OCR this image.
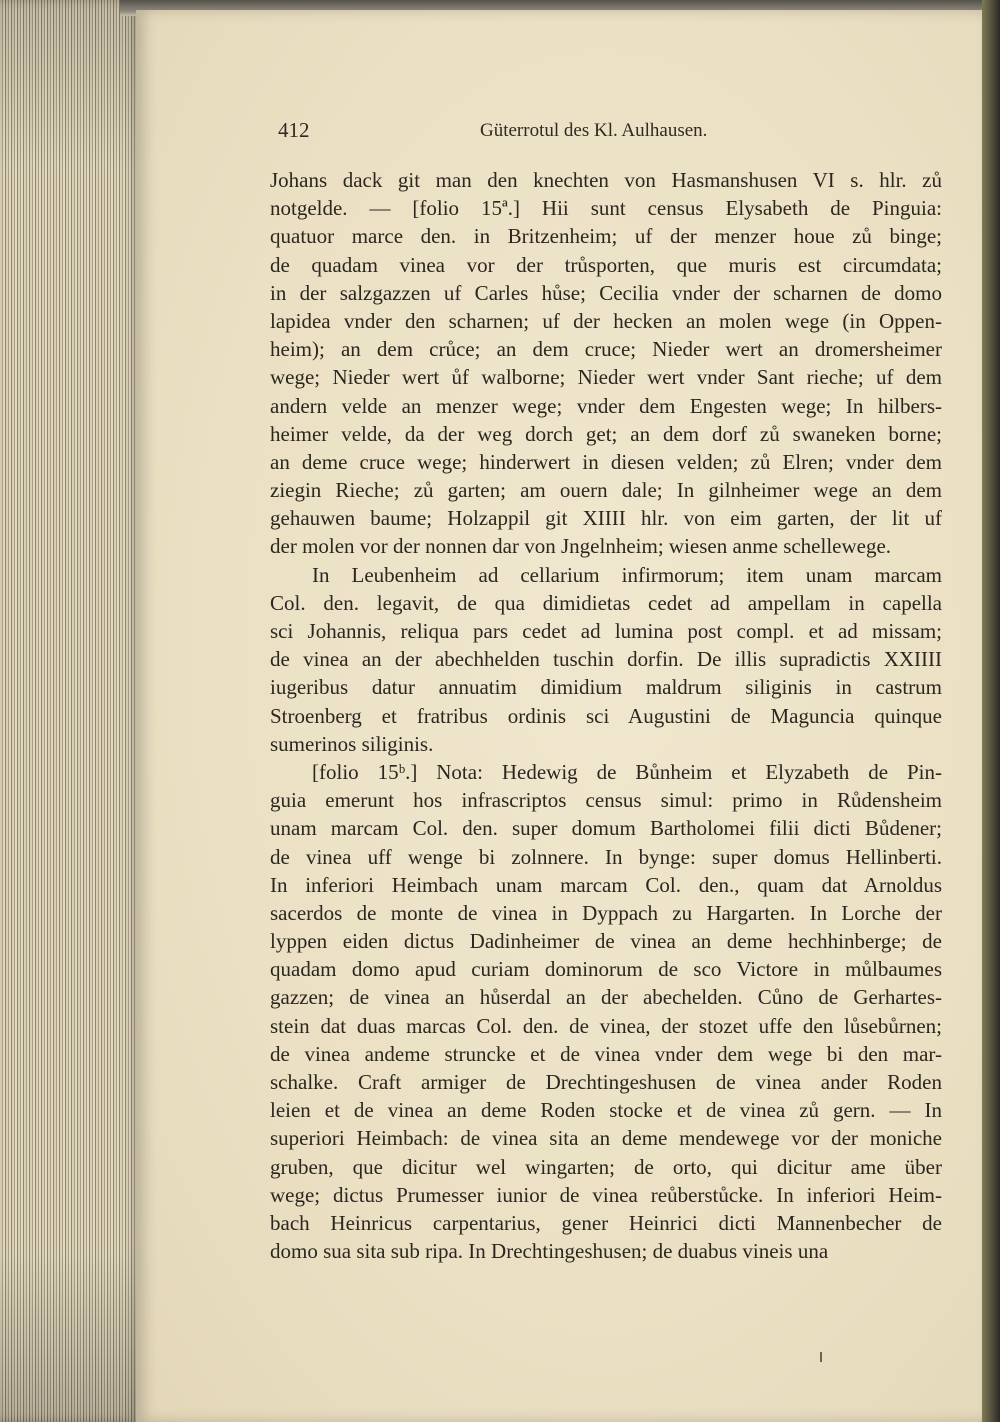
412	Güterrotul des Kl. Aulhausen.
Johans dack git man den knechten von Hasmanshusen VI s. hlr. zů
notgelde. — [folio 15ª.] Hii sunt census Elysabeth de Pinguia:
quatuor marce den. in Britzenheim; uf der menzer houe zů binge;
de quadam vinea vor der trůsporten, que muris est circumdata;
in der salzgazzen uf Carles hůse; Cecilia vnder der scharnen de domo
lapidea vnder den scharnen; uf der hecken an molen wege (in Oppen-
heim); an dem crůce; an dem cruce; Nieder wert an dromershеimer
wege; Nieder wert ůf walborne; Nieder wert vnder Sant rieche; uf dem
andern velde an menzer wege; vnder dem Engesten wege; In hilbers-
heimer velde, da der weg dorch get; an dem dorf zů swaneken borne;
an deme cruce wege; hinderwert in diesen velden; zů Elren; vnder dem
ziegin Rieche; zů garten; am ouern dale; In gilnheimer wege an dem
gehauwen baume; Holzappil git XIIII hlr. von eim garten, der lit uf
der molen vor der nonnen dar von Jngelnheim; wiesen anme schellewege.
In Leubenheim ad cellarium infirmorum; item unam marcam
Col. den. legavit, de qua dimidietas cedet ad ampellam in capella
sci Johannis, reliqua pars cedet ad lumina post compl. et ad missam;
de vinea an der abechhelden tuschin dorfin. De illis supradictis XXIIII
iugeribus datur annuatim dimidium maldrum siliginis in castrum
Stroenberg et fratribus ordinis sci Augustini de Maguncia quinque
sumerinos siliginis.
[folio 15ᵇ.] Nota: Hedewig de Bůnheim et Elyzabeth de Pin-
guia emerunt hos infrascriptos census simul: primo in Růdensheim
unam marcam Col. den. super domum Bartholomei filii dicti Bůdener;
de vinea uff wenge bi zolnnere. In bynge: super domus Hellinberti.
In inferiori Heimbach unam marcam Col. den., quam dat Arnoldus
sacerdos de monte de vinea in Dyppach zu Hargarten. In Lorche der
lyppen eiden dictus Dadinheimer de vinea an deme hechhinberge; de
quadam domo apud curiam dominorum de sco Victore in můlbaumes
gazzen; de vinea an hůserdal an der abechelden. Cůno de Gerhartes-
stein dat duas marcas Col. den. de vinea, der stozet uffe den lůsebůrnen;
de vinea andeme struncke et de vinea vnder dem wege bi den mar-
schalke. Craft armiger de Drechtingeshusen de vinea ander Roden
leien et de vinea an deme Roden stocke et de vinea zů gern. — In
superiori Heimbach: de vinea sita an deme mendewege vor der moniche
gruben, que dicitur wel wingarten; de orto, qui dicitur ame über
wege; dictus Prumesser iunior de vinea reůberstůcke. In inferiori Heim-
bach Heinricus carpentarius, gener Heinrici dicti Mannenbecher de
domo sua sita sub ripa. In Drechtingeshusen; de duabus vineis una
